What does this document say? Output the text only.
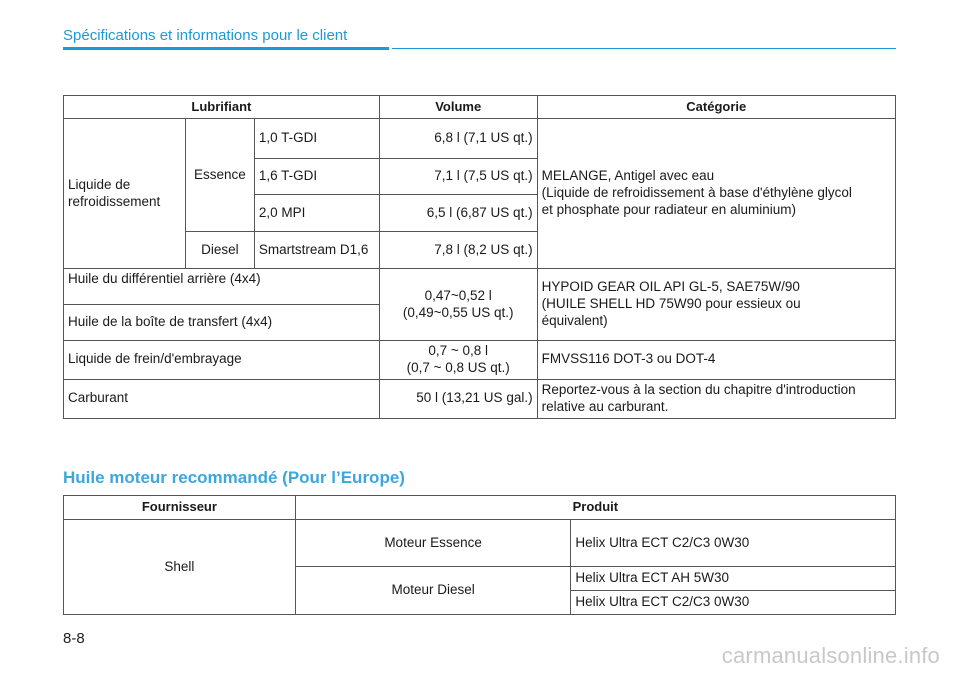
Spécifications et informations pour le client
Lubrifiant			Volume	Catégorie
Liquide de
refroidissement	Essence	1,0 T-GDI	6,8 l (7,1 US qt.)	MELANGE, Antigel avec eau
(Liquide de refroidissement à base d'éthylène glycol
et phosphate pour radiateur en aluminium)
		1,6 T-GDI	7,1 l (7,5 US qt.)	
		2,0 MPI	6,5 l (6,87 US qt.)	
	Diesel	Smartstream D1,6	7,8 l (8,2 US qt.)	
Huile du différentiel arrière (4x4)			0,47~0,52 l
(0,49~0,55 US qt.)	HYPOID GEAR OIL API GL-5, SAE75W/90
(HUILE SHELL HD 75W90 pour essieux ou
équivalent)
Huile de la boîte de transfert (4x4)				
Liquide de frein/d'embrayage			0,7 ~ 0,8 l
(0,7 ~ 0,8 US qt.)	FMVSS116 DOT-3 ou DOT-4
Carburant			50 l (13,21 US gal.)	Reportez-vous à la section du chapitre d'introduction
relative au carburant.
Huile moteur recommandé (Pour l’Europe)
Fournisseur	Produit	
Shell	Moteur Essence	Helix Ultra ECT C2/C3 0W30
	Moteur Diesel	Helix Ultra ECT AH 5W30
		Helix Ultra ECT C2/C3 0W30
8-8
carmanualsonline.info
